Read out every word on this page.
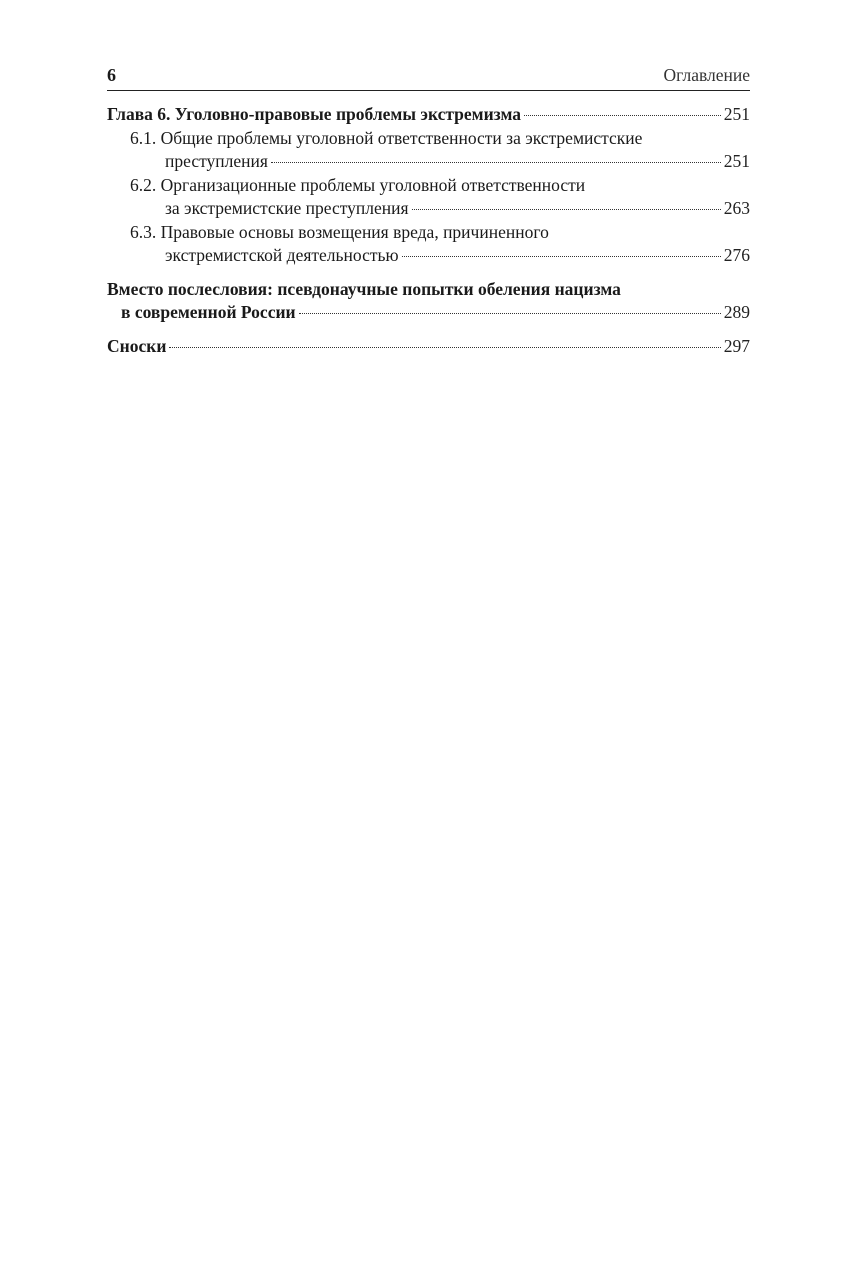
6	Оглавление
Глава 6. Уголовно-правовые проблемы экстремизма	251
6.1. Общие проблемы уголовной ответственности за экстремистские
преступления	251
6.2. Организационные проблемы уголовной ответственности
за экстремистские преступления	263
6.3. Правовые основы возмещения вреда, причиненного
экстремистской деятельностью	276
Вместо послесловия: псевдонаучные попытки обеления нацизма
в современной России	289
Сноски	297
